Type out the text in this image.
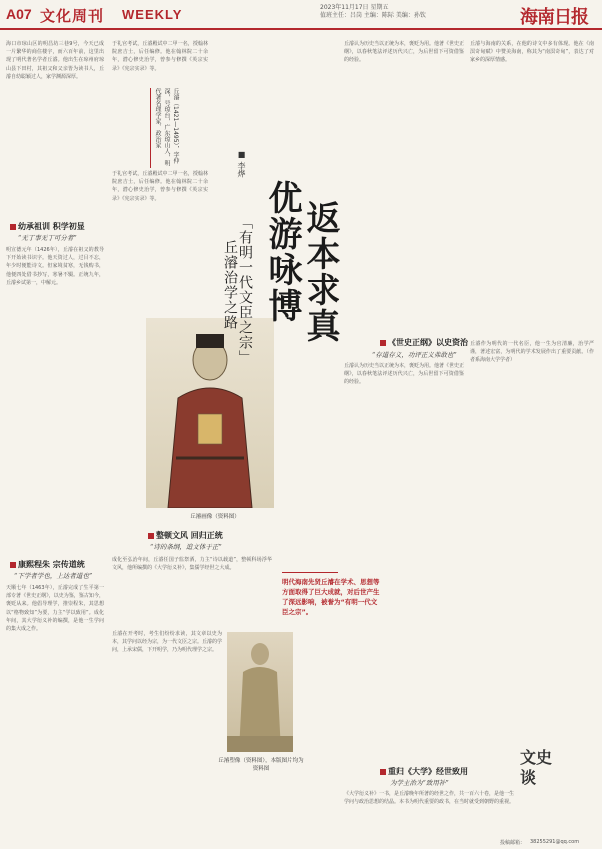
A07 文化周刊 WEEKLY	2023年11月17日 星期五
值班主任：吕岗 主编：陈际 美编：孙钦	海南日报
海口市琼山区的明昌坊三巷9号，今天已成一片繁华的商住楼宇，而六百年前，这里出现了明代著名学者丘濬。他出生在琼州府琼山县下田村，其祖父和父亲皆为读书人，丘濬自幼聪颖过人，家学渊源深厚。
幼承祖训 积学初显
“无丁事无丁可分者”
明宣德元年（1426年），丘濬在祖父的教导下开始读书识字。他天资过人，过目不忘，年少时便能诗文。但家境贫寒，无钱购书，他便四处借书抄写，寒暑不辍。正统九年，丘濬乡试第一，中解元。
康熙程朱 宗传道统
“下学者学也，上达者道也”
天顺七年（1463年），丘濬完成了生平第一部专著《世史正纲》，以史为鉴，鉴古知今，褒贬从来。他倡导理学，推崇程朱，其思想以“格物致知”为要，力主“学以致用”。成化年间，其大学衍义补的编撰，是他一生学问的集大成之作。
于礼官考试，丘濬殿试中二甲一名，授翰林院庶吉士，后任编修。他在翰林院二十余年，潜心修史治学，曾参与修撰《英宗实录》《宪宗实录》等。
丘濬（1421—1495），字仲深，号琼台，广东琼山人，明代著名理学家、政治家
于礼官考试，丘濬殿试中二甲一名，授翰林院庶吉士，后任编修。他在翰林院二十余年，潜心修史治学，曾参与修撰《英宗实录》《宪宗实录》等。
丘濬画像（资料图）
整顿文风 回归正统
“诗的条纲，追文体于正”
成化至弘治年间，丘濬任国子监祭酒，力主“诗以载道”，整顿科场浮华文风，他所编撰的《大学衍义补》，集儒学经世之大成。
丘濬在开考时，考生们纷纷求读，其文章以史为本，其学问以经为宗，为一代文臣之宗。丘濬的学问，上承宋儒，下开明学，乃为明代理学之宗。
丘濬塑像（资料图），本版图片均为资料图
■ 李烨
优游咏博
返本求真
「有明一代文臣之宗」
丘濬治学之路
丘濬认为历史当以正统为本，褒贬为用。他著《世史正纲》，以春秋笔法评述历代兴亡，为后世留下可资借鉴的经验。
丘濬与海南的关系，在他的诗文中多有体现。他在《南溟奇甸赋》中赞美海南，称其为“南溟奇甸”，表达了对家乡的深厚情感。
《世史正纲》以史资治
“存道存义，功评正义弗敢也”
丘濬认为历史当以正统为本，褒贬为用。他著《世史正纲》，以春秋笔法评述历代兴亡，为后世留下可资借鉴的经验。
丘濬作为明代的一代名臣，他一生为官清廉，治学严谨，著述宏富，为明代的学术发展作出了重要贡献。（作者系海南大学学者）
明代海南先贤丘濬在学术、思想等方面取得了巨大成就，对后世产生了深远影响，被誉为“有明一代文臣之宗”。
重归《大学》经世致用
为学主治为“致用补”
《大学衍义补》一书，是丘濬晚年所著的经世之作，共一百六十卷，是他一生学问与政治思想的结晶。本书为明代重要的政书，在当时就受到朝野的重视。
文史谈
投稿邮箱： 38255291@qq.com
